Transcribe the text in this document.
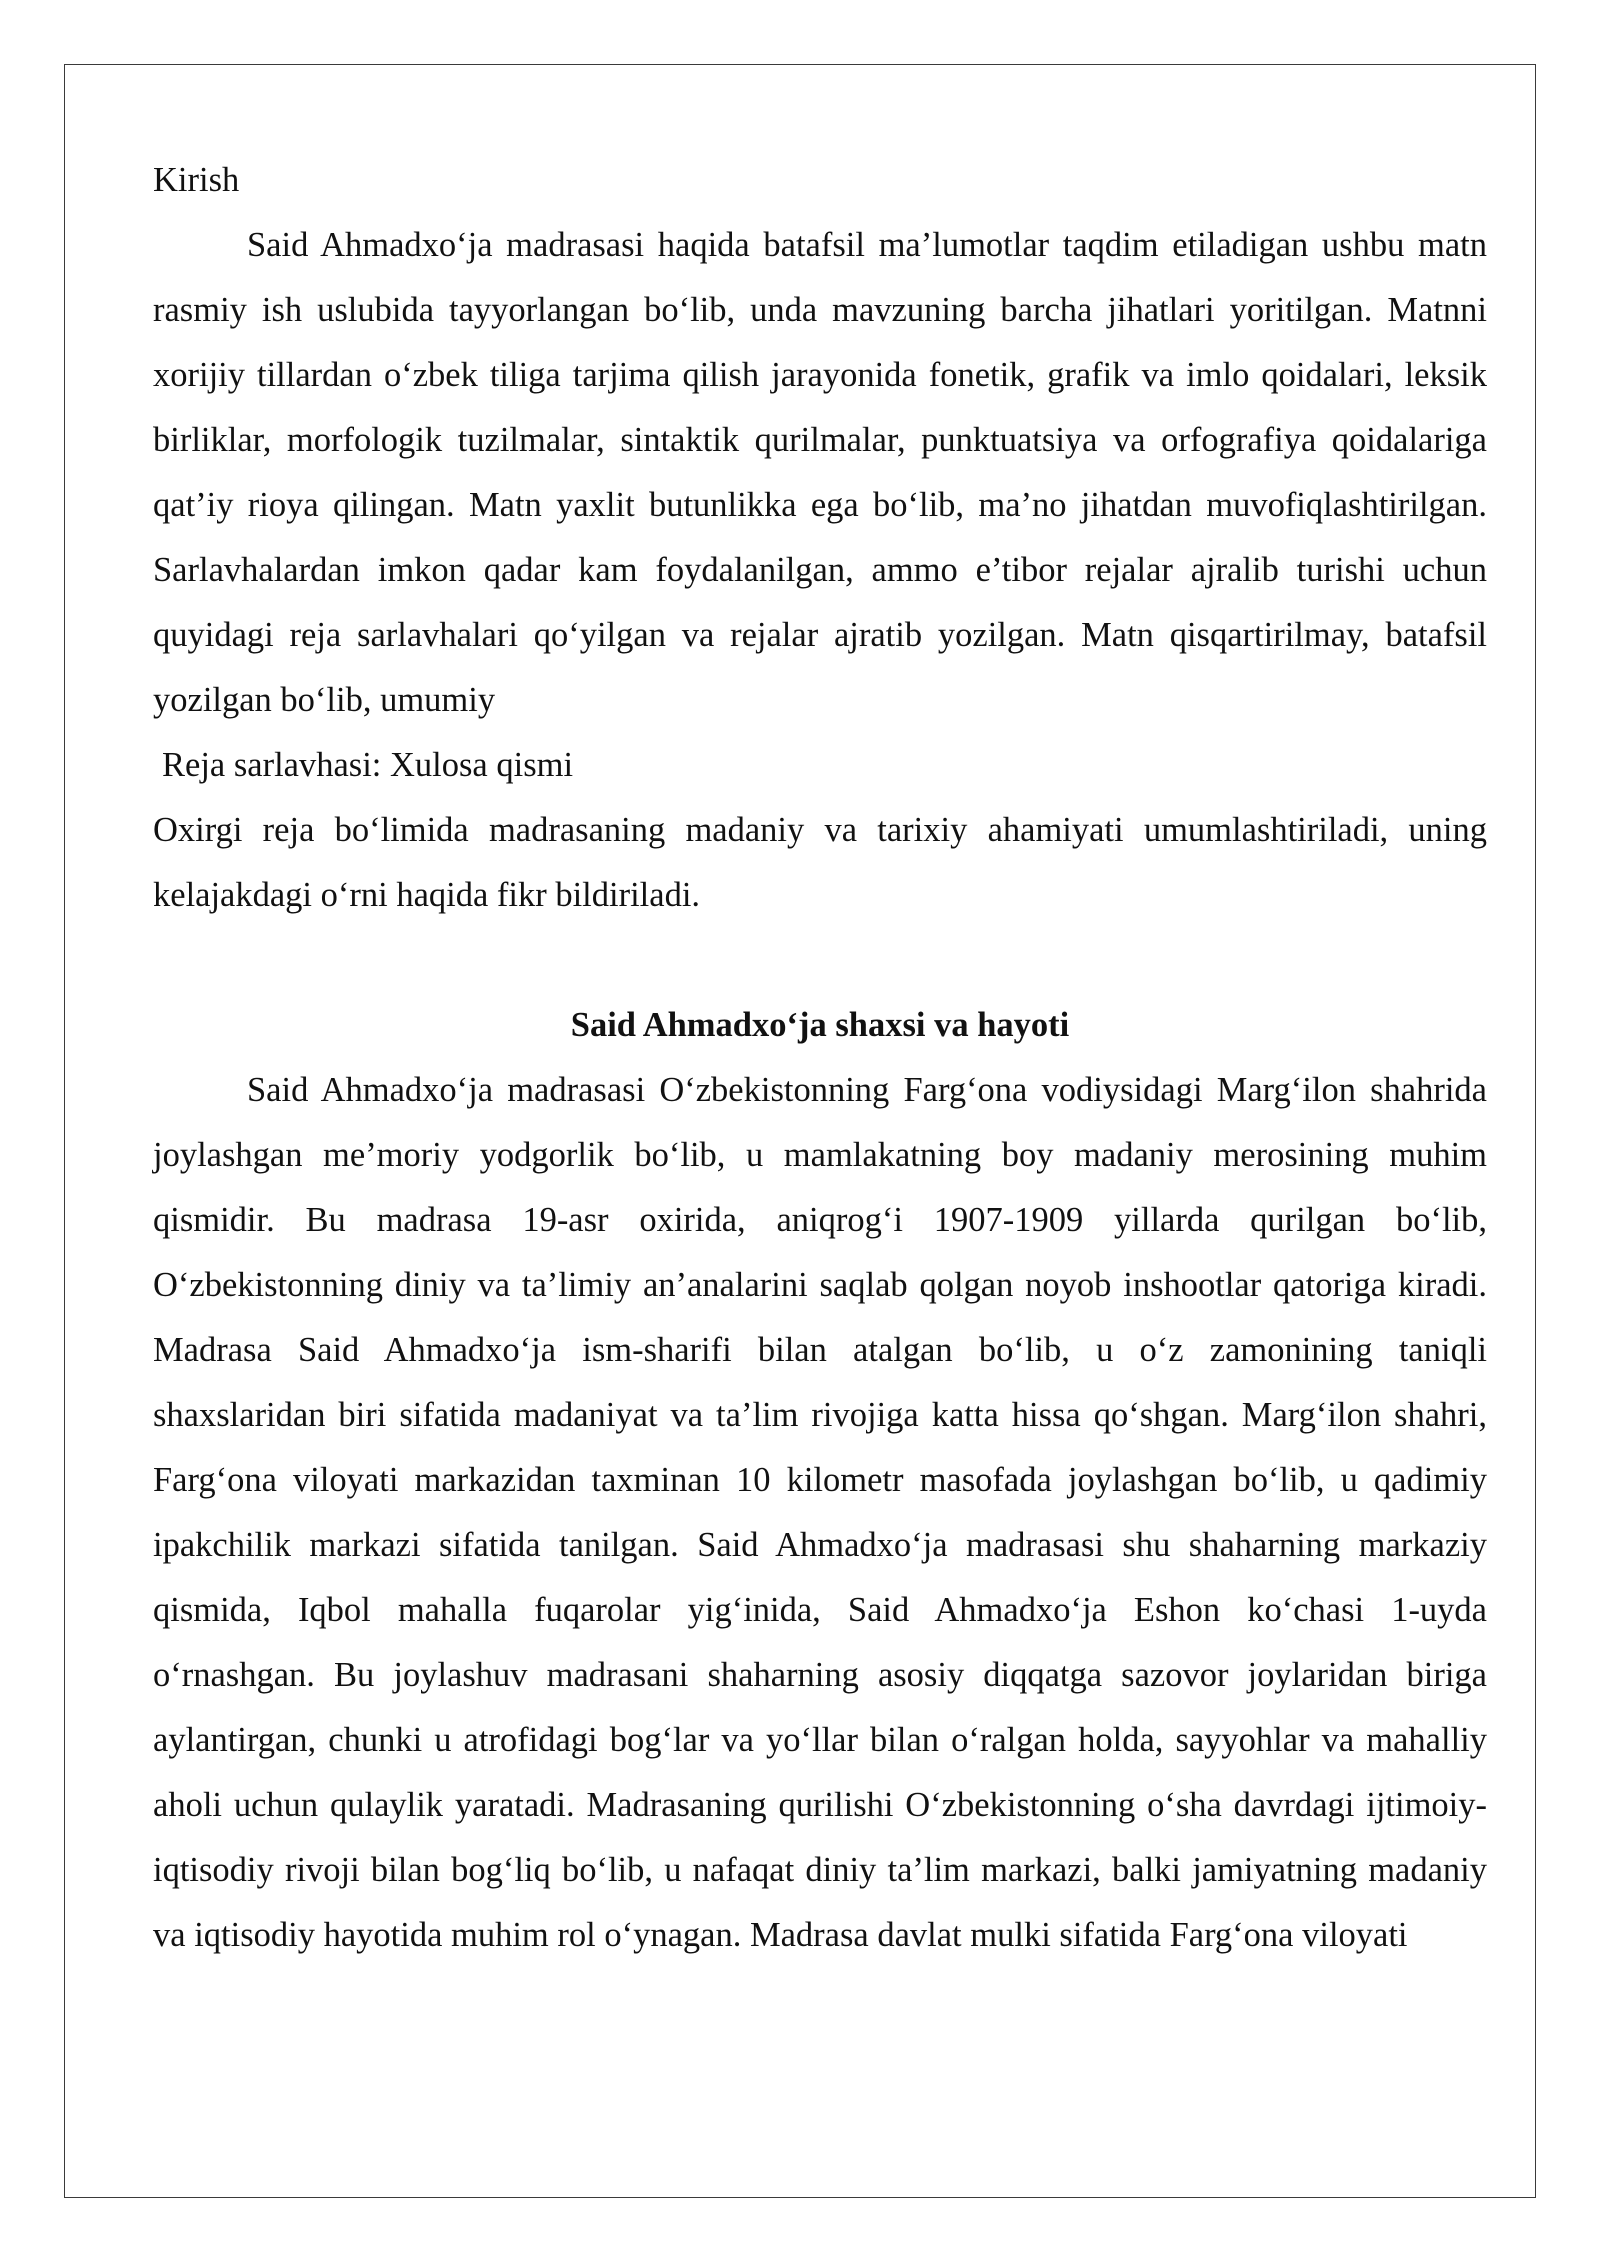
Kirish

Said Ahmadxo‘ja madrasasi haqida batafsil ma’lumotlar taqdim etiladigan ushbu matn rasmiy ish uslubida tayyorlangan bo‘lib, unda mavzuning barcha jihatlari yoritilgan. Matnni xorijiy tillardan o‘zbek tiliga tarjima qilish jarayonida fonetik, grafik va imlo qoidalari, leksik birliklar, morfologik tuzilmalar, sintaktik qurilmalar, punktuatsiya va orfografiya qoidalariga qat’iy rioya qilingan. Matn yaxlit butunlikka ega bo‘lib, ma’no jihatdan muvofiqlashtirilgan. Sarlavhalardan imkon qadar kam foydalanilgan, ammo e’tibor rejalar ajralib turishi uchun quyidagi reja sarlavhalari qo‘yilgan va rejalar ajratib yozilgan. Matn qisqartirilmay, batafsil yozilgan bo‘lib, umumiy

Reja sarlavhasi: Xulosa qismi

Oxirgi reja bo‘limida madrasaning madaniy va tarixiy ahamiyati umumlashtiriladi, uning kelajakdagi o‘rni haqida fikr bildiriladi.

Said Ahmadxo‘ja shaxsi va hayoti

Said Ahmadxo‘ja madrasasi O‘zbekistonning Farg‘ona vodiysidagi Marg‘ilon shahrida joylashgan me’moriy yodgorlik bo‘lib, u mamlakatning boy madaniy merosining muhim qismidir. Bu madrasa 19-asr oxirida, aniqrog‘i 1907-1909 yillarda qurilgan bo‘lib, O‘zbekistonning diniy va ta’limiy an’analarini saqlab qolgan noyob inshootlar qatoriga kiradi. Madrasa Said Ahmadxo‘ja ism-sharifi bilan atalgan bo‘lib, u o‘z zamonining taniqli shaxslaridan biri sifatida madaniyat va ta’lim rivojiga katta hissa qo‘shgan. Marg‘ilon shahri, Farg‘ona viloyati markazidan taxminan 10 kilometr masofada joylashgan bo‘lib, u qadimiy ipakchilik markazi sifatida tanilgan. Said Ahmadxo‘ja madrasasi shu shaharning markaziy qismida, Iqbol mahalla fuqarolar yig‘inida, Said Ahmadxo‘ja Eshon ko‘chasi 1-uyda o‘rnashgan. Bu joylashuv madrasani shaharning asosiy diqqatga sazovor joylaridan biriga aylantirgan, chunki u atrofidagi bog‘lar va yo‘llar bilan o‘ralgan holda, sayyohlar va mahalliy aholi uchun qulaylik yaratadi. Madrasaning qurilishi O‘zbekistonning o‘sha davrdagi ijtimoiy-iqtisodiy rivoji bilan bog‘liq bo‘lib, u nafaqat diniy ta’lim markazi, balki jamiyatning madaniy va iqtisodiy hayotida muhim rol o‘ynagan. Madrasa davlat mulki sifatida Farg‘ona viloyati
